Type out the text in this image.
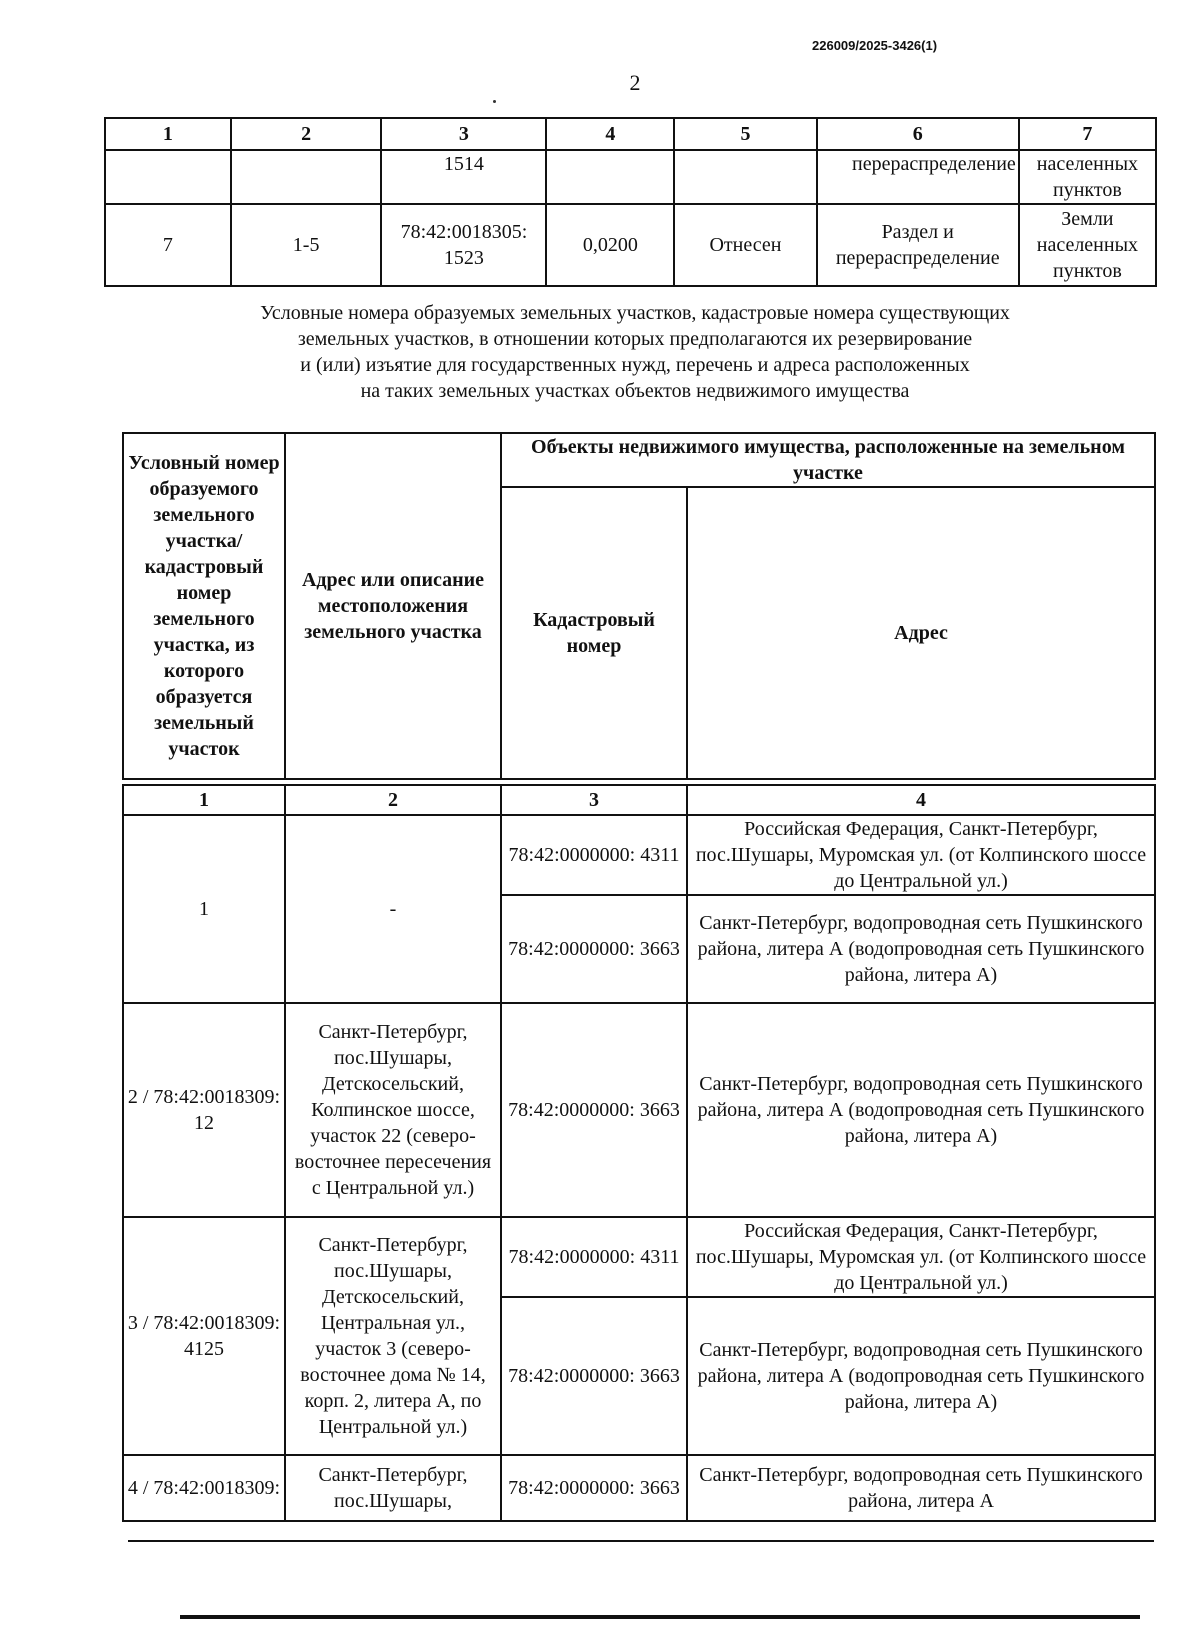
226009/2025-3426(1)
2
1	2	3	4	5	6	7
		1514			перераспределение	населенных пунктов
7	1-5	78:42:0018305: 1523	0,0200	Отнесен	Раздел и перераспределение	Земли населенных пунктов
Условные номера образуемых земельных участков, кадастровые номера существующих
земельных участков, в отношении которых предполагаются их резервирование
и (или) изъятие для государственных нужд, перечень и адреса расположенных
на таких земельных участках объектов недвижимого имущества
Условный номер образуемого земельного участка/ кадастровый номер земельного участка, из которого образуется земельный участок	Адрес или описание местоположения земельного участка	Объекты недвижимого имущества, расположенные на земельном участке	
		Кадастровый номер	Адрес
1	2	3	4
1	-	78:42:0000000: 4311	Российская Федерация, Санкт-Петербург, пос.Шушары, Муромская ул. (от Колпинского шоссе до Центральной ул.)
		78:42:0000000: 3663	Санкт-Петербург, водопроводная сеть Пушкинского района, литера А (водопроводная сеть Пушкинского района, литера А)
2 / 78:42:0018309: 12	Санкт-Петербург, пос.Шушары, Детскосельский, Колпинское шоссе, участок 22 (северо-восточнее пересечения с Центральной ул.)	78:42:0000000: 3663	Санкт-Петербург, водопроводная сеть Пушкинского района, литера А (водопроводная сеть Пушкинского района, литера А)
3 / 78:42:0018309: 4125	Санкт-Петербург, пос.Шушары, Детскосельский, Центральная ул., участок 3 (северо-восточнее дома № 14, корп. 2, литера А, по Центральной ул.)	78:42:0000000: 4311	Российская Федерация, Санкт-Петербург, пос.Шушары, Муромская ул. (от Колпинского шоссе до Центральной ул.)
		78:42:0000000: 3663	Санкт-Петербург, водопроводная сеть Пушкинского района, литера А (водопроводная сеть Пушкинского района, литера А)
4 / 78:42:0018309:	Санкт-Петербург, пос.Шушары,	78:42:0000000: 3663	Санкт-Петербург, водопроводная сеть Пушкинского района, литера А
